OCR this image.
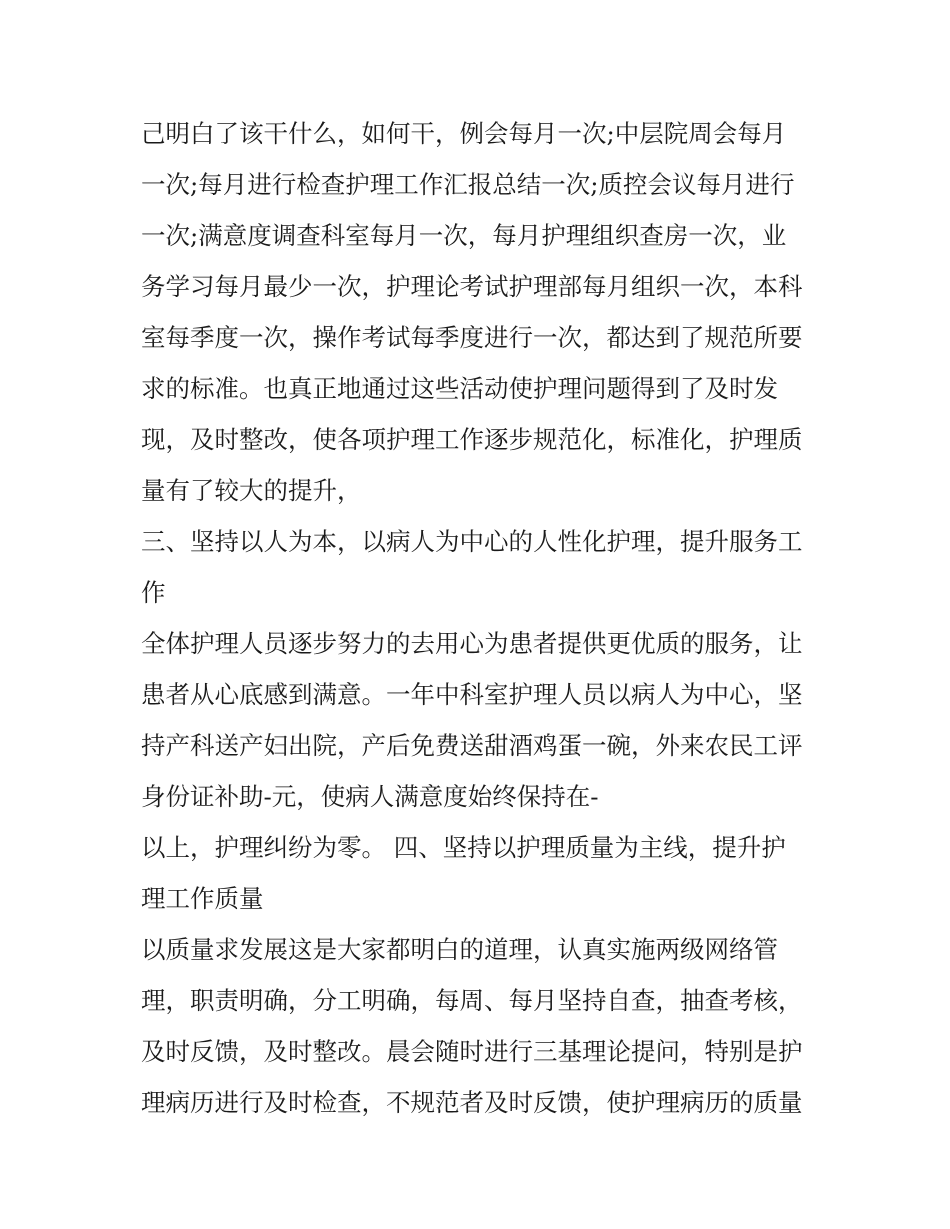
己明白了该干什么，如何干，例会每月一次;中层院周会每月
一次;每月进行检查护理工作汇报总结一次;质控会议每月进行
一次;满意度调查科室每月一次，每月护理组织查房一次，业
务学习每月最少一次，护理论考试护理部每月组织一次，本科
室每季度一次，操作考试每季度进行一次，都达到了规范所要
求的标准。也真正地通过这些活动使护理问题得到了及时发
现，及时整改，使各项护理工作逐步规范化，标准化，护理质
量有了较大的提升，
三、坚持以人为本，以病人为中心的人性化护理，提升服务工
作
全体护理人员逐步努力的去用心为患者提供更优质的服务，让
患者从心底感到满意。一年中科室护理人员以病人为中心，坚
持产科送产妇出院，产后免费送甜酒鸡蛋一碗，外来农民工评
身份证补助-元，使病人满意度始终保持在-
以上，护理纠纷为零。 四、坚持以护理质量为主线，提升护
理工作质量
以质量求发展这是大家都明白的道理，认真实施两级网络管
理，职责明确，分工明确，每周、每月坚持自查，抽查考核，
及时反馈，及时整改。晨会随时进行三基理论提问，特别是护
理病历进行及时检查，不规范者及时反馈，使护理病历的质量
